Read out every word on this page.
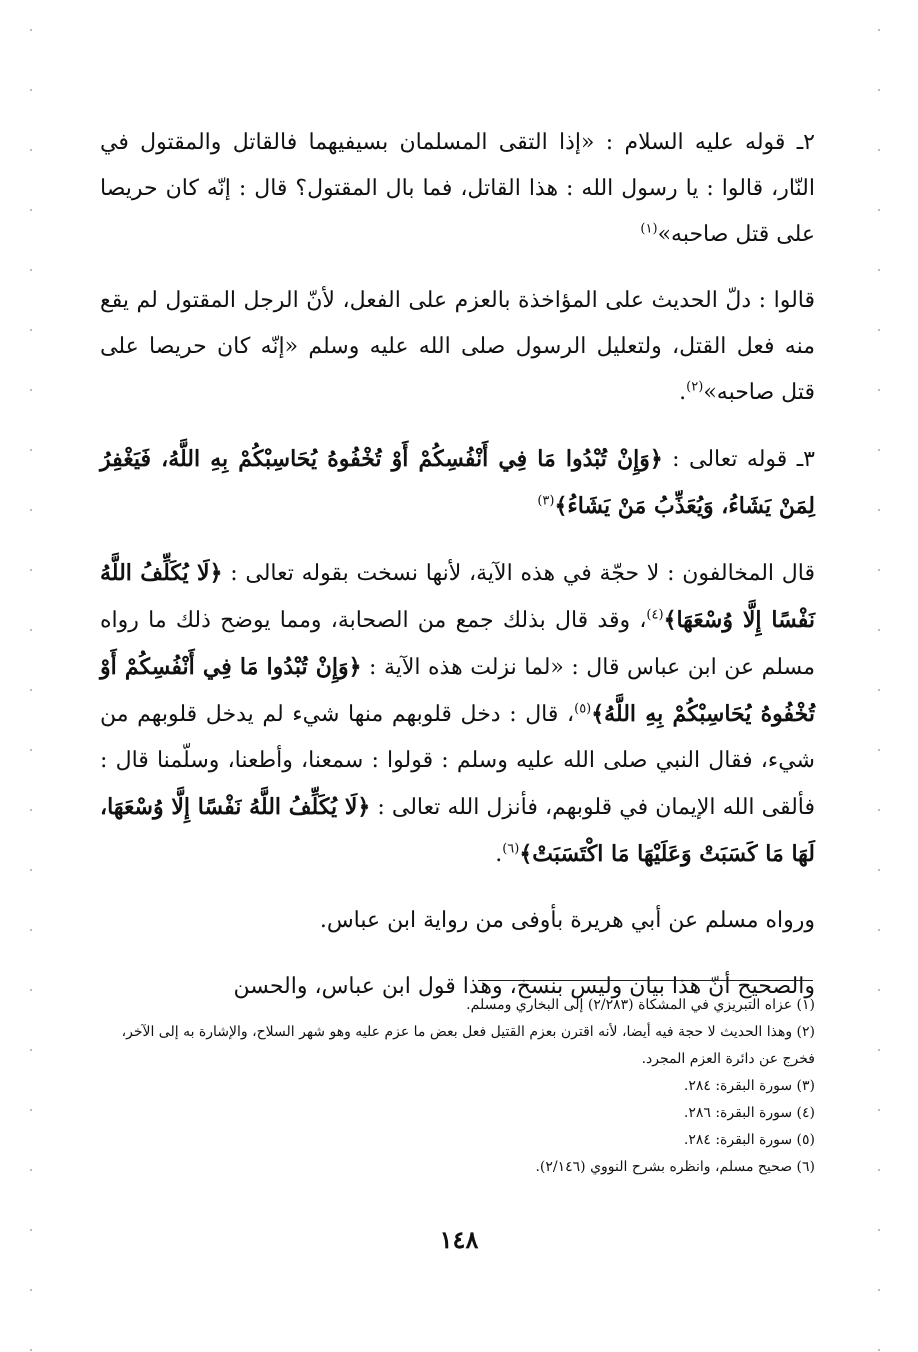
٢ـ قوله عليه السلام : «إذا التقى المسلمان بسيفيهما فالقاتل والمقتول في النّار، قالوا : يا رسول الله : هذا القاتل، فما بال المقتول؟ قال : إنّه كان حريصا على قتل صاحبه»$^{(١)}$

قالوا : دلّ الحديث على المؤاخذة بالعزم على الفعل، لأنّ الرجل المقتول لم يقع منه فعل القتل، ولتعليل الرسول صلى الله عليه وسلم «إنّه كان حريصا على قتل صاحبه»$^{(٢)}$.

٣ـ قوله تعالى : ﴿وَإِنْ تُبْدُوا مَا فِي أَنْفُسِكُمْ أَوْ تُخْفُوهُ يُحَاسِبْكُمْ بِهِ اللَّهُ، فَيَغْفِرُ لِمَنْ يَشَاءُ، وَيُعَذِّبُ مَنْ يَشَاءُ﴾$^{(٣)}$

قال المخالفون : لا حجّة في هذه الآية، لأنها نسخت بقوله تعالى : ﴿لَا يُكَلِّفُ اللَّهُ نَفْسًا إِلَّا وُسْعَهَا﴾$^{(٤)}$، وقد قال بذلك جمع من الصحابة، ومما يوضح ذلك ما رواه مسلم عن ابن عباس قال : «لما نزلت هذه الآية : ﴿وَإِنْ تُبْدُوا مَا فِي أَنْفُسِكُمْ أَوْ تُخْفُوهُ يُحَاسِبْكُمْ بِهِ اللَّهُ﴾$^{(٥)}$، قال : دخل قلوبهم منها شيء لم يدخل قلوبهم من شيء، فقال النبي صلى الله عليه وسلم : قولوا : سمعنا، وأطعنا، وسلّمنا قال : فألقى الله الإيمان في قلوبهم، فأنزل الله تعالى : ﴿لَا يُكَلِّفُ اللَّهُ نَفْسًا إِلَّا وُسْعَهَا، لَهَا مَا كَسَبَتْ وَعَلَيْهَا مَا اكْتَسَبَتْ﴾$^{(٦)}$.

ورواه مسلم عن أبي هريرة بأوفى من رواية ابن عباس.

والصحيح أنّ هذا بيان وليس بنسخ، وهذا قول ابن عباس، والحسن

(١) عزاه التبريزي في المشكاة (٢/٢٨٣) إلى البخاري ومسلم.
(٢) وهذا الحديث لا حجة فيه أيضا، لأنه اقترن بعزم القتيل فعل بعض ما عزم عليه وهو شهر السلاح، والإشارة به إلى الآخر، فخرج عن دائرة العزم المجرد.
(٣) سورة البقرة: ٢٨٤.
(٤) سورة البقرة: ٢٨٦.
(٥) سورة البقرة: ٢٨٤.
(٦) صحيح مسلم، وانظره بشرح النووي (٢/١٤٦).
١٤٨
